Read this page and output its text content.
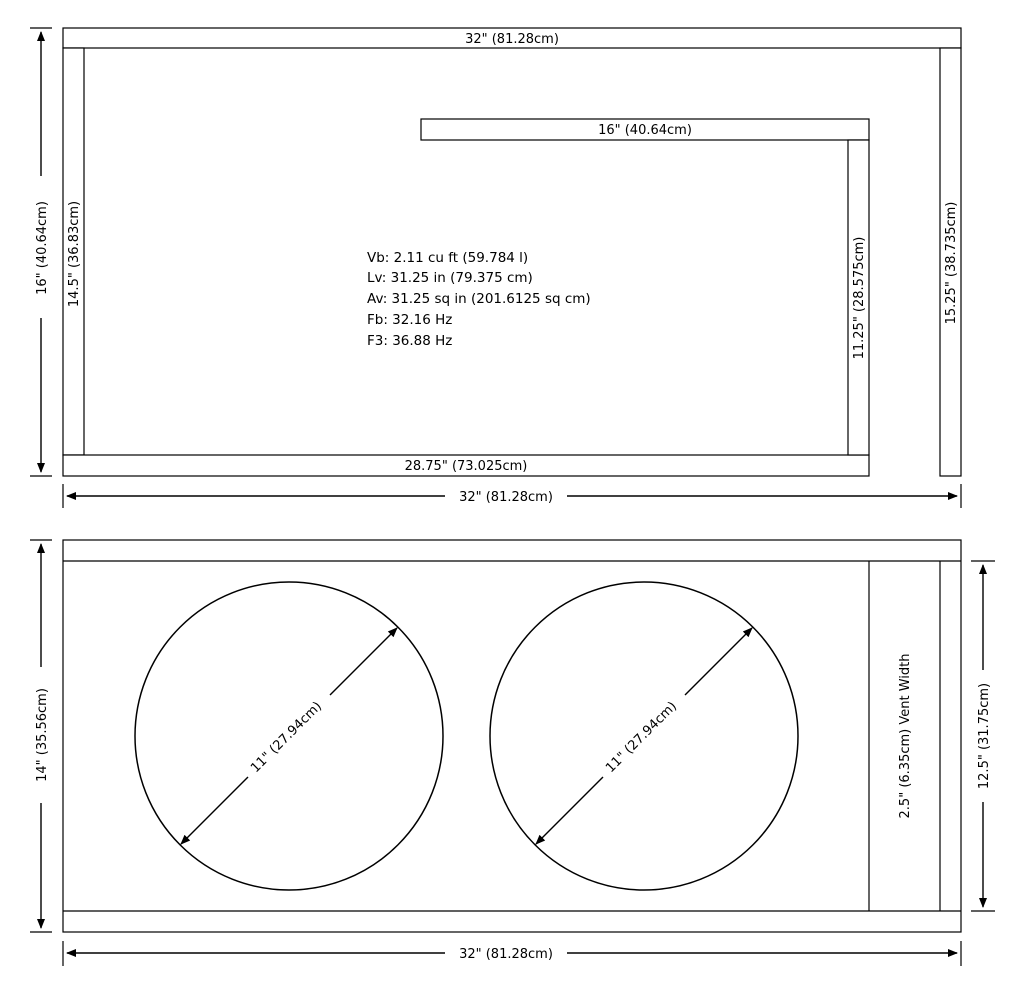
32" (81.28cm)
28.75" (73.025cm)
16" (40.64cm)
14.5" (36.83cm)	15.25" (38.735cm)
11.25" (28.575cm)
Vb: 2.11 cu ft (59.784 l)
Lv: 31.25 in (79.375 cm)
Av: 31.25 sq in (201.6125 sq cm)
Fb: 32.16 Hz
F3: 36.88 Hz
16" (40.64cm)
32" (81.28cm)
11" (27.94cm)	11" (27.94cm)	2.5" (6.35cm) Vent Width
14" (35.56cm)	12.5" (31.75cm)
32" (81.28cm)
